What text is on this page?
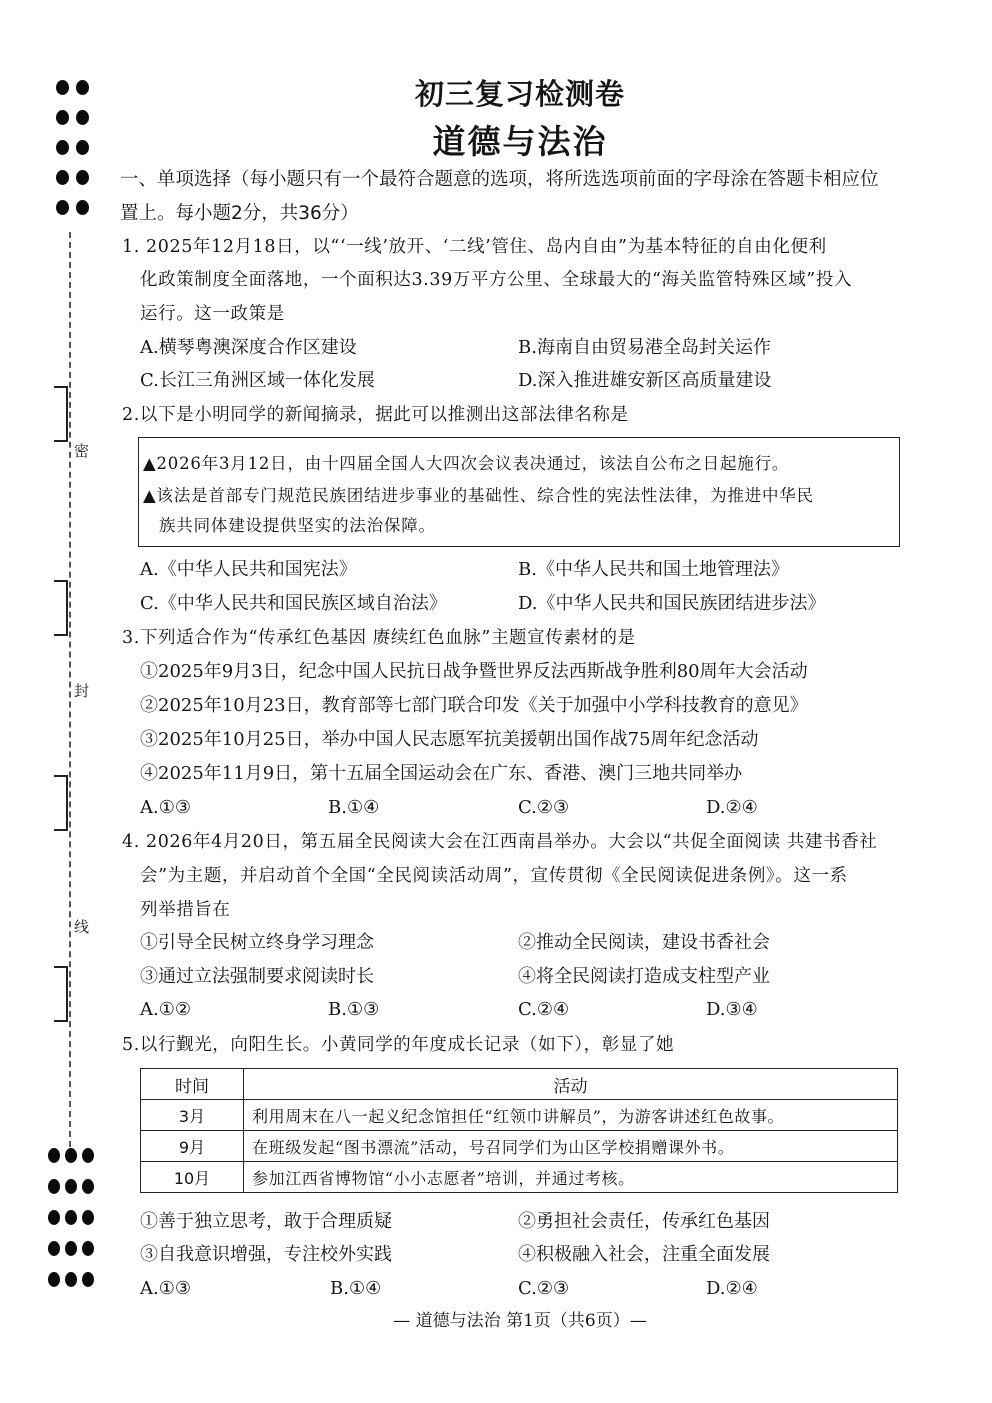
密
封
线
初三复习检测卷
道德与法治
一、单项选择（每小题只有一个最符合题意的选项，将所选选项前面的字母涂在答题卡相应位
置上。每小题2分，共36分）
1. 2025年12月18日，以“‘一线’放开、‘二线’管住、岛内自由”为基本特征的自由化便利
化政策制度全面落地，一个面积达3.39万平方公里、全球最大的“海关监管特殊区域”投入
运行。这一政策是
A.横琴粤澳深度合作区建设	B.海南自由贸易港全岛封关运作
C.长江三角洲区域一体化发展	D.深入推进雄安新区高质量建设
2.以下是小明同学的新闻摘录，据此可以推测出这部法律名称是
▲2026年3月12日，由十四届全国人大四次会议表决通过，该法自公布之日起施行。
▲该法是首部专门规范民族团结进步事业的基础性、综合性的宪法性法律，为推进中华民
族共同体建设提供坚实的法治保障。
A.《中华人民共和国宪法》	B.《中华人民共和国土地管理法》
C.《中华人民共和国民族区域自治法》	D.《中华人民共和国民族团结进步法》
3.下列适合作为“传承红色基因 赓续红色血脉”主题宣传素材的是
①2025年9月3日，纪念中国人民抗日战争暨世界反法西斯战争胜利80周年大会活动
②2025年10月23日，教育部等七部门联合印发《关于加强中小学科技教育的意见》
③2025年10月25日，举办中国人民志愿军抗美援朝出国作战75周年纪念活动
④2025年11月9日，第十五届全国运动会在广东、香港、澳门三地共同举办
A.①③	B.①④	C.②③	D.②④
4. 2026年4月20日，第五届全民阅读大会在江西南昌举办。大会以“共促全面阅读 共建书香社
会”为主题，并启动首个全国“全民阅读活动周”，宣传贯彻《全民阅读促进条例》。这一系
列举措旨在
①引导全民树立终身学习理念	②推动全民阅读，建设书香社会
③通过立法强制要求阅读时长	④将全民阅读打造成支柱型产业
A.①②	B.①③	C.②④	D.③④
5.以行觐光，向阳生长。小黄同学的年度成长记录（如下），彰显了她
时间	活动
3月	利用周末在八一起义纪念馆担任“红领巾讲解员”，为游客讲述红色故事。
9月	在班级发起“图书漂流”活动，号召同学们为山区学校捐赠课外书。
10月	参加江西省博物馆“小小志愿者”培训，并通过考核。
①善于独立思考，敢于合理质疑	②勇担社会责任，传承红色基因
③自我意识增强，专注校外实践	④积极融入社会，注重全面发展
A.①③	B.①④	C.②③	D.②④
— 道德与法治 第1页（共6页）—
